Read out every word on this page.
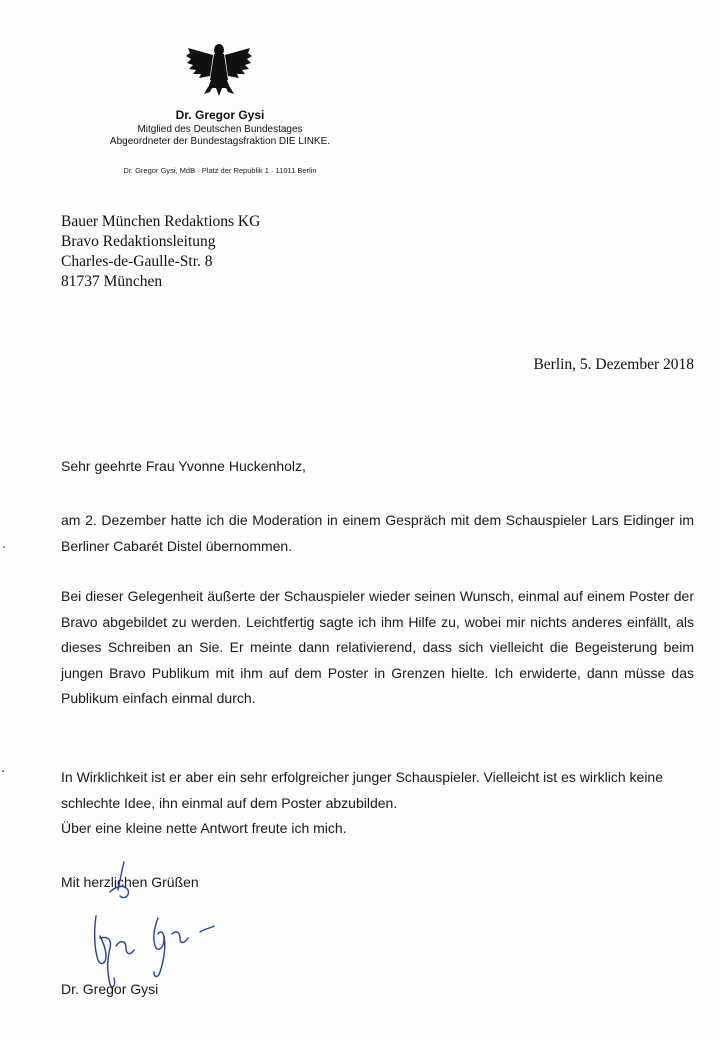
Dr. Gregor Gysi
Mitglied des Deutschen Bundestages
Abgeordneter der Bundestagsfraktion DIE LINKE.
Dr. Gregor Gysi, MdB · Platz der Republik 1 · 11011 Berlin
Bauer München Redaktions KG
Bravo Redaktionsleitung
Charles-de-Gaulle-Str. 8
81737 München
Berlin, 5. Dezember 2018
Sehr geehrte Frau Yvonne Huckenholz,
am 2. Dezember hatte ich die Moderation in einem Gespräch mit dem Schauspieler Lars Eidinger im Berliner Cabarét Distel übernommen.
Bei dieser Gelegenheit äußerte der Schauspieler wieder seinen Wunsch, einmal auf einem Poster der Bravo abgebildet zu werden. Leichtfertig sagte ich ihm Hilfe zu, wobei mir nichts anderes einfällt, als dieses Schreiben an Sie. Er meinte dann relativierend, dass sich vielleicht die Begeisterung beim jungen Bravo Publikum mit ihm auf dem Poster in Grenzen hielte. Ich erwiderte, dann müsse das Publikum einfach einmal durch.
In Wirklichkeit ist er aber ein sehr erfolgreicher junger Schauspieler. Vielleicht ist es wirklich keine schlechte Idee, ihn einmal auf dem Poster abzubilden.
Über eine kleine nette Antwort freute ich mich.
Mit herzlichen Grüßen
Dr. Gregor Gysi
